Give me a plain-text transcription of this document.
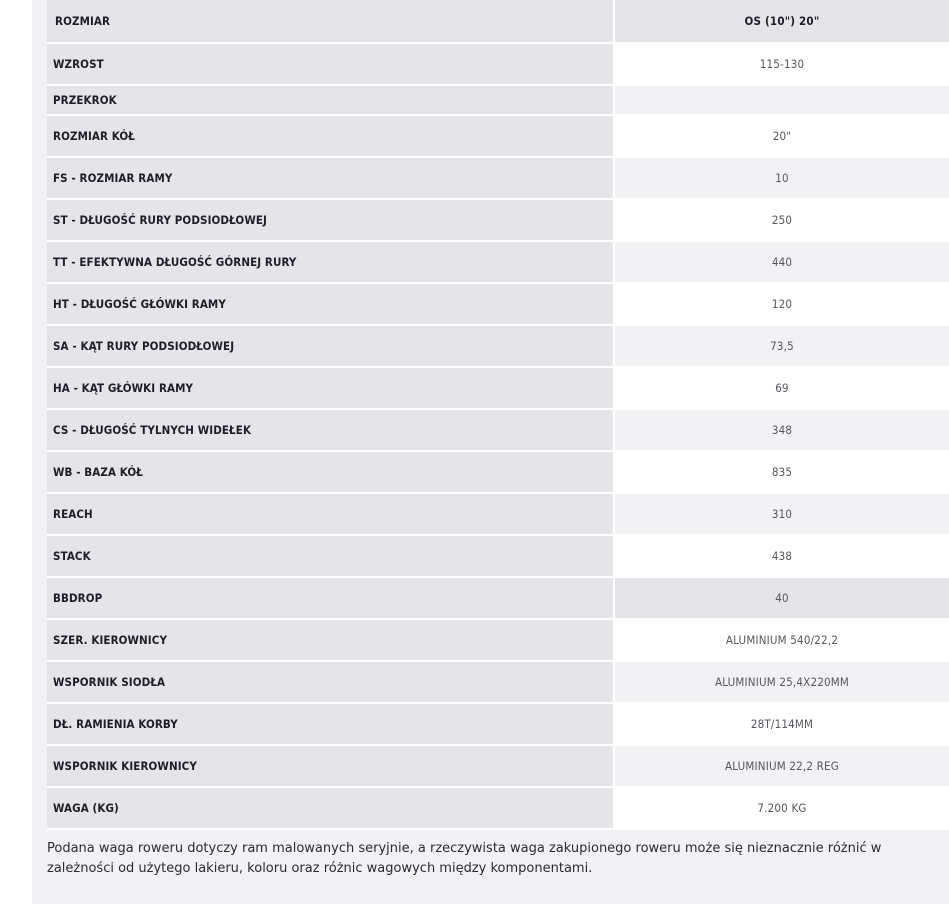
ROZMIAR	OS (10") 20"
WZROST	115-130
PRZEKROK	
ROZMIAR KÓŁ	20"
FS - ROZMIAR RAMY	10
ST - DŁUGOŚĆ RURY PODSIODŁOWEJ	250
TT - EFEKTYWNA DŁUGOŚĆ GÓRNEJ RURY	440
HT - DŁUGOŚĆ GŁÓWKI RAMY	120
SA - KĄT RURY PODSIODŁOWEJ	73,5
HA - KĄT GŁÓWKI RAMY	69
CS - DŁUGOŚĆ TYLNYCH WIDEŁEK	348
WB - BAZA KÓŁ	835
REACH	310
STACK	438
BBDROP	40
SZER. KIEROWNICY	ALUMINIUM 540/22,2
WSPORNIK SIODŁA	ALUMINIUM 25,4X220MM
DŁ. RAMIENIA KORBY	28T/114MM
WSPORNIK KIEROWNICY	ALUMINIUM 22,2 REG
WAGA (KG)	7.200 KG
Podana waga roweru dotyczy ram malowanych seryjnie, a rzeczywista waga zakupionego roweru może się nieznacznie różnić w zależności od użytego lakieru, koloru oraz różnic wagowych między komponentami.
